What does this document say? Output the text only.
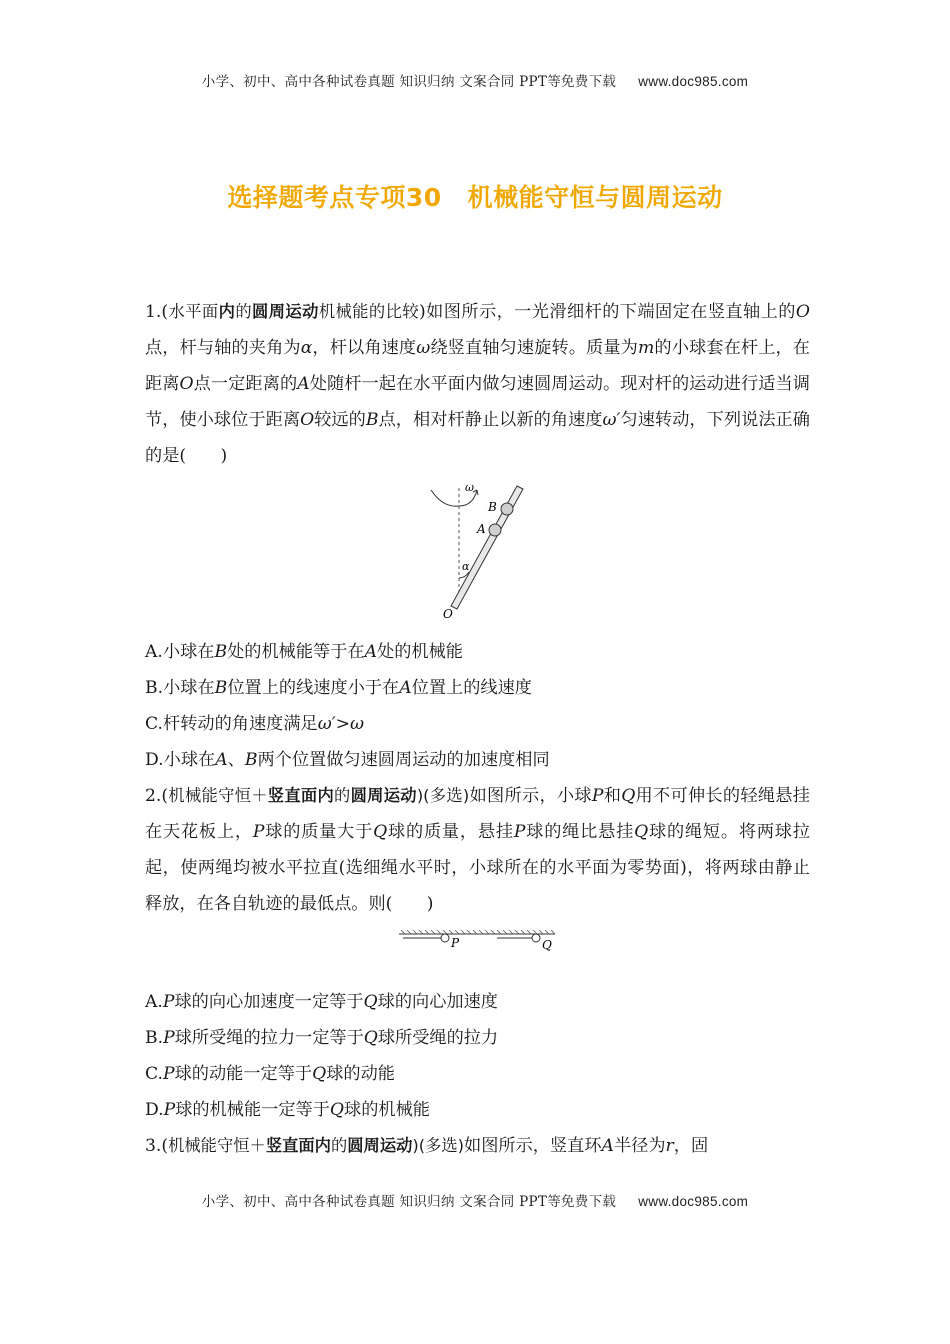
小学、初中、高中各种试卷真题 知识归纳 文案合同 PPT等免费下载 www.doc985.com
选择题考点专项30 机械能守恒与圆周运动

1.(水平面内的圆周运动机械能的比较)如图所示，一光滑细杆的下端固定在竖直轴上的O点，杆与轴的夹角为α，杆以角速度ω绕竖直轴匀速旋转。质量为m的小球套在杆上，在距离O点一定距离的A处随杆一起在水平面内做匀速圆周运动。现对杆的运动进行适当调节，使小球位于距离O较远的B点，相对杆静止以新的角速度ω′匀速转动，下列说法正确的是(　　)

ω
B
A
α
O

A.小球在B处的机械能等于在A处的机械能

B.小球在B位置上的线速度小于在A位置上的线速度

C.杆转动的角速度满足ω′>ω

D.小球在A、B两个位置做匀速圆周运动的加速度相同

2.(机械能守恒＋竖直面内的圆周运动)(多选)如图所示，小球P和Q用不可伸长的轻绳悬挂在天花板上，P球的质量大于Q球的质量，悬挂P球的绳比悬挂Q球的绳短。将两球拉起，使两绳均被水平拉直(选细绳水平时，小球所在的水平面为零势面)，将两球由静止释放，在各自轨迹的最低点。则(　　)

P	Q

A.P球的向心加速度一定等于Q球的向心加速度

B.P球所受绳的拉力一定等于Q球所受绳的拉力

C.P球的动能一定等于Q球的动能

D.P球的机械能一定等于Q球的机械能

3.(机械能守恒＋竖直面内的圆周运动)(多选)如图所示，竖直环A半径为r，固

小学、初中、高中各种试卷真题 知识归纳 文案合同 PPT等免费下载 www.doc985.com
